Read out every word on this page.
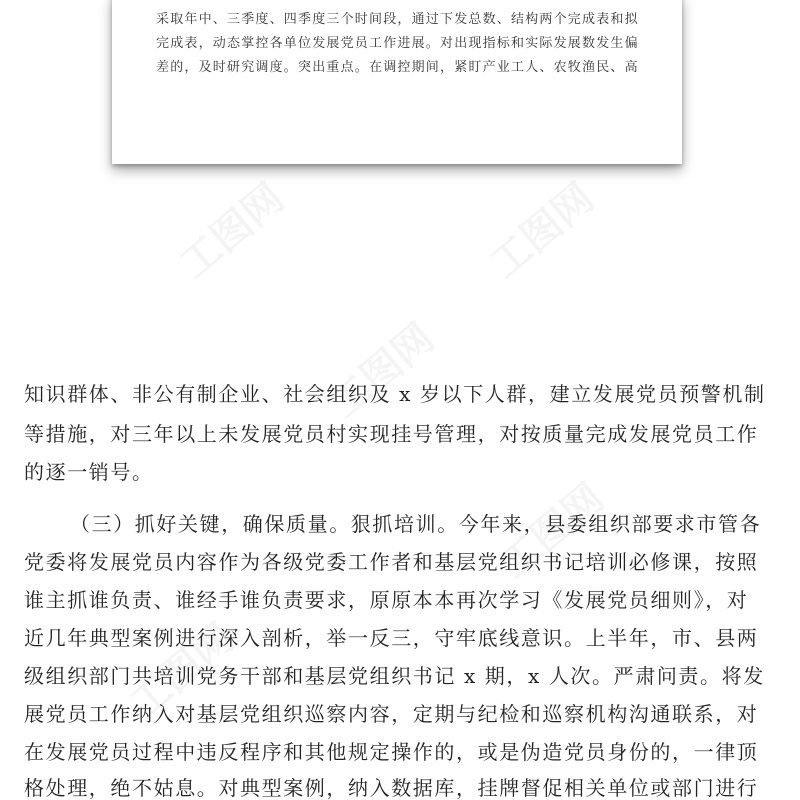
工图网	工图网
工图网
工图网
工图网
采取年中、三季度、四季度三个时间段，通过下发总数、结构两个完成表和拟
完成表，动态掌控各单位发展党员工作进展。对出现指标和实际发展数发生偏
差的，及时研究调度。突出重点。在调控期间，紧盯产业工人、农牧渔民、高
知识群体、非公有制企业、社会组织及 x 岁以下人群，建立发展党员预警机制
等措施，对三年以上未发展党员村实现挂号管理，对按质量完成发展党员工作
的逐一销号。
（三）抓好关键，确保质量。狠抓培训。今年来，县委组织部要求市管各
党委将发展党员内容作为各级党委工作者和基层党组织书记培训必修课，按照
谁主抓谁负责、谁经手谁负责要求，原原本本再次学习《发展党员细则》，对
近几年典型案例进行深入剖析，举一反三，守牢底线意识。上半年，市、县两
级组织部门共培训党务干部和基层党组织书记 x 期，x 人次。严肃问责。将发
展党员工作纳入对基层党组织巡察内容，定期与纪检和巡察机构沟通联系，对
在发展党员过程中违反程序和其他规定操作的，或是伪造党员身份的，一律顶
格处理，绝不姑息。对典型案例，纳入数据库，挂牌督促相关单位或部门进行
